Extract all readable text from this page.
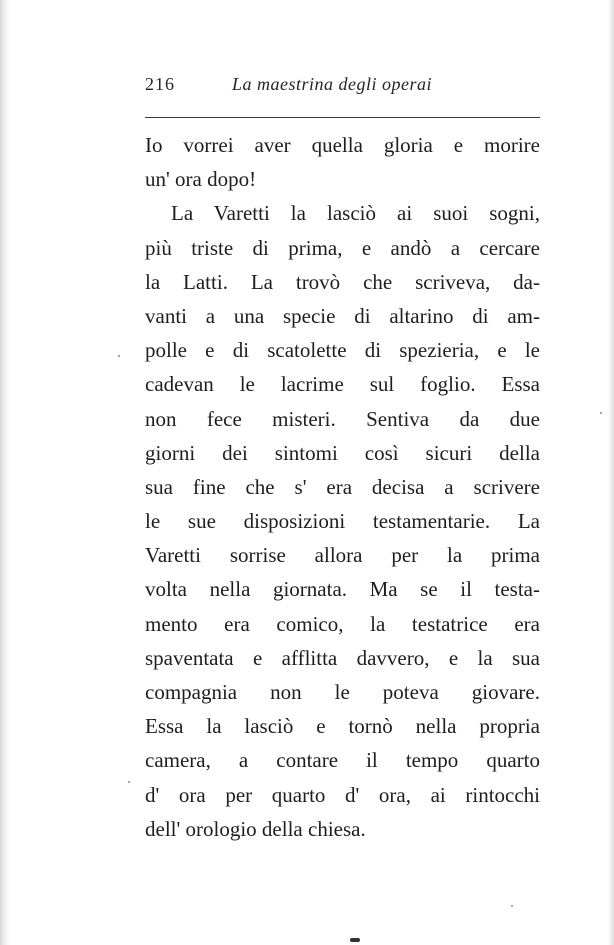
216	La maestrina degli operai
Io vorrei aver quella gloria e morire
un' ora dopo!
La Varetti la lasciò ai suoi sogni,
più triste di prima, e andò a cercare
la Latti. La trovò che scriveva, da-
vanti a una specie di altarino di am-
polle e di scatolette di spezieria, e le
cadevan le lacrime sul foglio. Essa
non fece misteri. Sentiva da due
giorni dei sintomi così sicuri della
sua fine che s' era decisa a scrivere
le sue disposizioni testamentarie. La
Varetti sorrise allora per la prima
volta nella giornata. Ma se il testa-
mento era comico, la testatrice era
spaventata e afflitta davvero, e la sua
compagnia non le poteva giovare.
Essa la lasciò e tornò nella propria
camera, a contare il tempo quarto
d' ora per quarto d' ora, ai rintocchi
dell' orologio della chiesa.
